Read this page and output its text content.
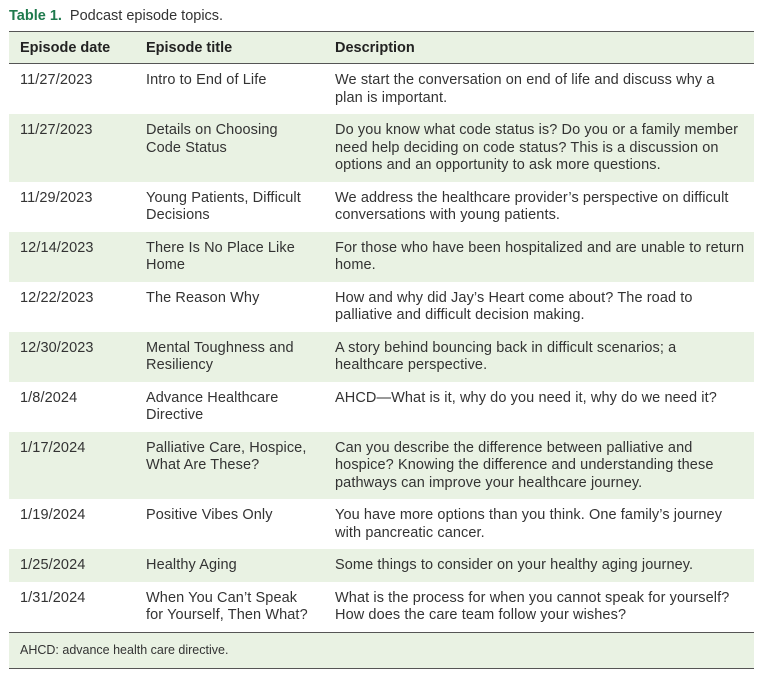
Table 1. Podcast episode topics.
Episode date	Episode title	Description
11/27/2023	Intro to End of Life	We start the conversation on end of life and discuss why a plan is important.
11/27/2023	Details on Choosing Code Status	Do you know what code status is? Do you or a family member need help deciding on code status? This is a discussion on options and an opportunity to ask more questions.
11/29/2023	Young Patients, Difficult Decisions	We address the healthcare provider’s perspective on difficult conversations with young patients.
12/14/2023	There Is No Place Like Home	For those who have been hospitalized and are unable to return home.
12/22/2023	The Reason Why	How and why did Jay’s Heart come about? The road to palliative and difficult decision making.
12/30/2023	Mental Toughness and Resiliency	A story behind bouncing back in difficult scenarios; a healthcare perspective.
1/8/2024	Advance Healthcare Directive	AHCD—What is it, why do you need it, why do we need it?
1/17/2024	Palliative Care, Hospice, What Are These?	Can you describe the difference between palliative and hospice? Knowing the difference and understanding these pathways can improve your healthcare journey.
1/19/2024	Positive Vibes Only	You have more options than you think. One family’s journey with pancreatic cancer.
1/25/2024	Healthy Aging	Some things to consider on your healthy aging journey.
1/31/2024	When You Can’t Speak for Yourself, Then What?	What is the process for when you cannot speak for yourself? How does the care team follow your wishes?
AHCD: advance health care directive.		
